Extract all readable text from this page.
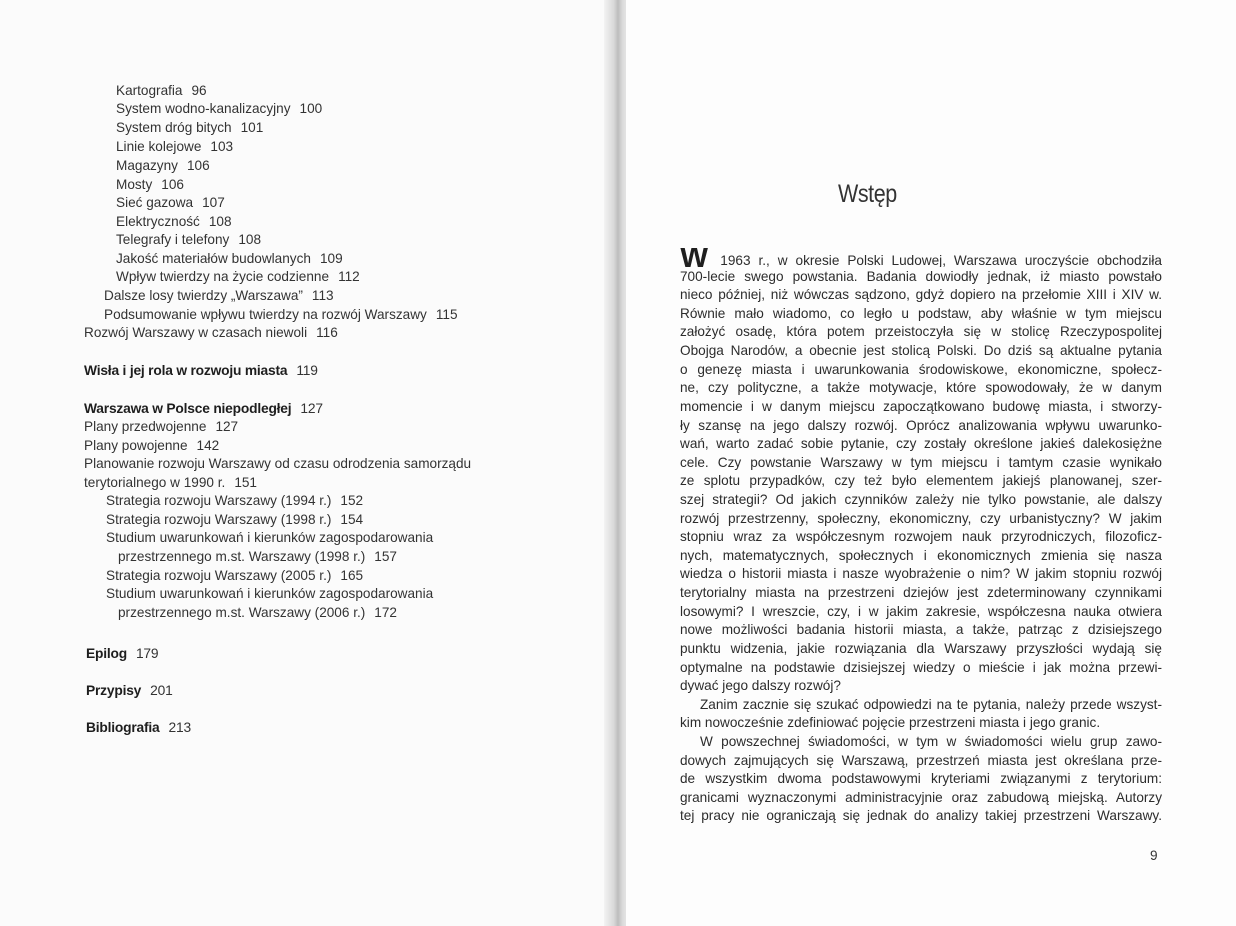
Kartografia 96
System wodno-kanalizacyjny 100
System dróg bitych 101
Linie kolejowe 103
Magazyny 106
Mosty 106
Sieć gazowa 107
Elektryczność 108
Telegrafy i telefony 108
Jakość materiałów budowlanych 109
Wpływ twierdzy na życie codzienne 112
Dalsze losy twierdzy „Warszawa” 113
Podsumowanie wpływu twierdzy na rozwój Warszawy 115
Rozwój Warszawy w czasach niewoli 116
Wisła i jej rola w rozwoju miasta 119
Warszawa w Polsce niepodległej 127
Plany przedwojenne 127
Plany powojenne 142
Planowanie rozwoju Warszawy od czasu odrodzenia samorządu
terytorialnego w 1990 r. 151
Strategia rozwoju Warszawy (1994 r.) 152
Strategia rozwoju Warszawy (1998 r.) 154
Studium uwarunkowań i kierunków zagospodarowania
przestrzennego m.st. Warszawy (1998 r.) 157
Strategia rozwoju Warszawy (2005 r.) 165
Studium uwarunkowań i kierunków zagospodarowania
przestrzennego m.st. Warszawy (2006 r.) 172
Epilog 179
Przypisy 201
Bibliografia 213
Wstęp
W 1963 r., w okresie Polski Ludowej, Warszawa uroczyście obchodziła
700-lecie swego powstania. Badania dowiodły jednak, iż miasto powstało
nieco później, niż wówczas sądzono, gdyż dopiero na przełomie XIII i XIV w.
Równie mało wiadomo, co legło u podstaw, aby właśnie w tym miejscu
założyć osadę, która potem przeistoczyła się w stolicę Rzeczypospolitej
Obojga Narodów, a obecnie jest stolicą Polski. Do dziś są aktualne pytania
o genezę miasta i uwarunkowania środowiskowe, ekonomiczne, społecz-
ne, czy polityczne, a także motywacje, które spowodowały, że w danym
momencie i w danym miejscu zapoczątkowano budowę miasta, i stworzy-
ły szansę na jego dalszy rozwój. Oprócz analizowania wpływu uwarunko-
wań, warto zadać sobie pytanie, czy zostały określone jakieś dalekosiężne
cele. Czy powstanie Warszawy w tym miejscu i tamtym czasie wynikało
ze splotu przypadków, czy też było elementem jakiejś planowanej, szer-
szej strategii? Od jakich czynników zależy nie tylko powstanie, ale dalszy
rozwój przestrzenny, społeczny, ekonomiczny, czy urbanistyczny? W jakim
stopniu wraz za współczesnym rozwojem nauk przyrodniczych, filozoficz-
nych, matematycznych, społecznych i ekonomicznych zmienia się nasza
wiedza o historii miasta i nasze wyobrażenie o nim? W jakim stopniu rozwój
terytorialny miasta na przestrzeni dziejów jest zdeterminowany czynnikami
losowymi? I wreszcie, czy, i w jakim zakresie, współczesna nauka otwiera
nowe możliwości badania historii miasta, a także, patrząc z dzisiejszego
punktu widzenia, jakie rozwiązania dla Warszawy przyszłości wydają się
optymalne na podstawie dzisiejszej wiedzy o mieście i jak można przewi-
dywać jego dalszy rozwój?
Zanim zacznie się szukać odpowiedzi na te pytania, należy przede wszyst-
kim nowocześnie zdefiniować pojęcie przestrzeni miasta i jego granic.
W powszechnej świadomości, w tym w świadomości wielu grup zawo-
dowych zajmujących się Warszawą, przestrzeń miasta jest określana prze-
de wszystkim dwoma podstawowymi kryteriami związanymi z terytorium:
granicami wyznaczonymi administracyjnie oraz zabudową miejską. Autorzy
tej pracy nie ograniczają się jednak do analizy takiej przestrzeni Warszawy.
9
